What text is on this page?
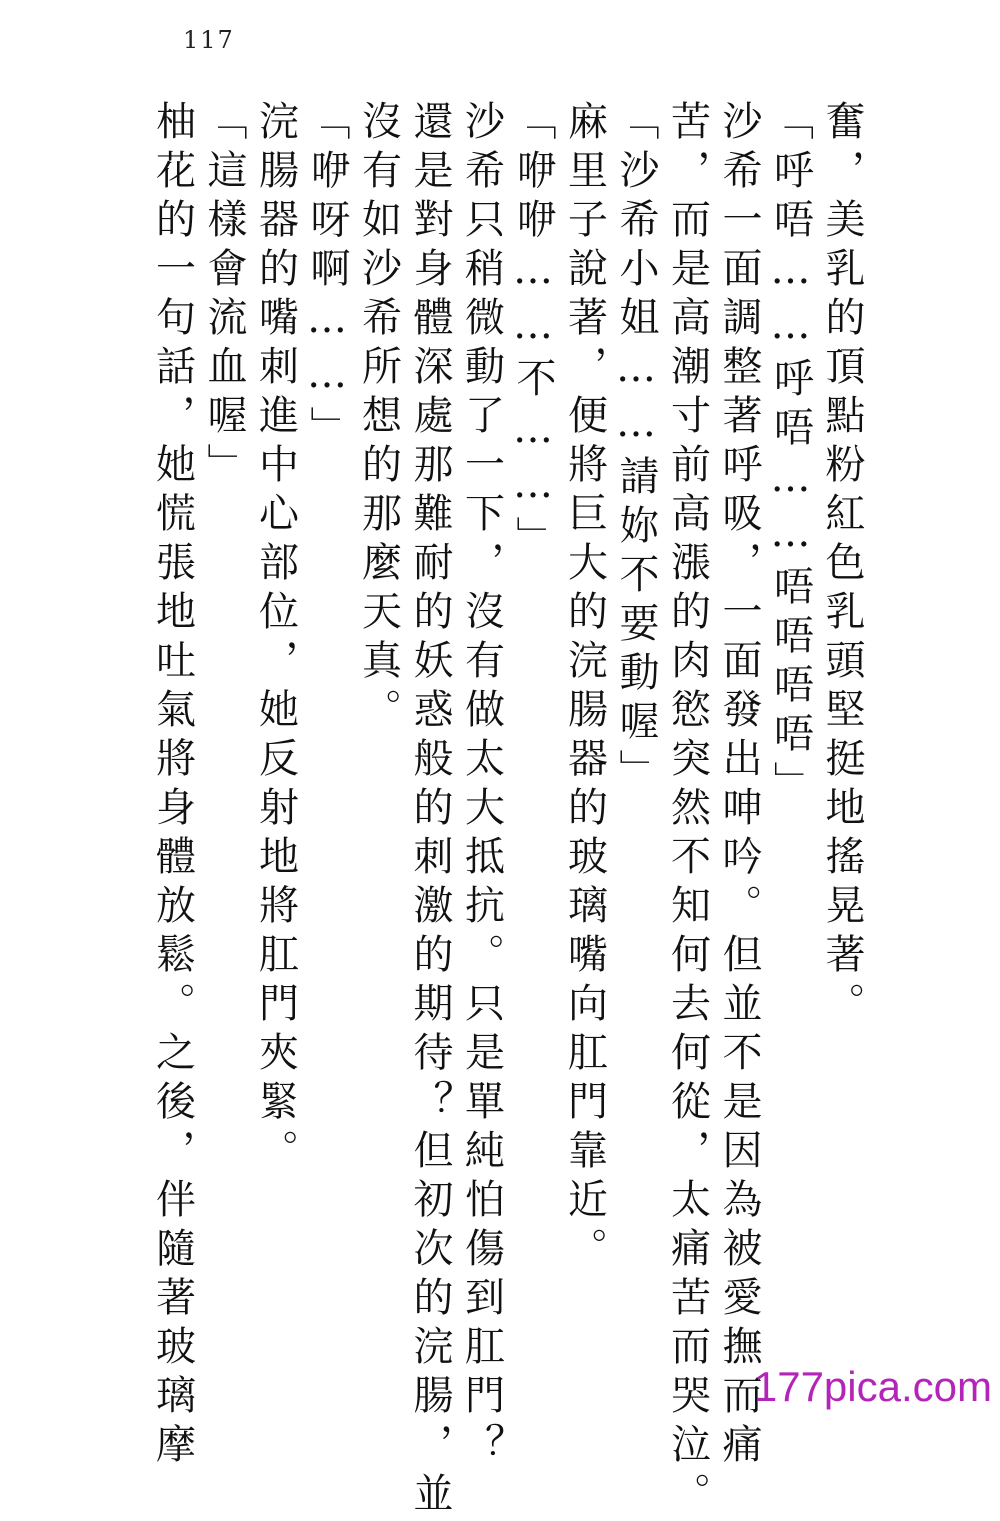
117
奮，美乳的頂點粉紅色乳頭堅挺地搖晃著。
「呼唔……呼唔……唔唔唔唔」
沙希一面調整著呼吸，一面發出呻吟。但並不是因為被愛撫而痛
苦，而是高潮寸前高漲的肉慾突然不知何去何從，太痛苦而哭泣。
「沙希小姐……請妳不要動喔」
麻里子說著，便將巨大的浣腸器的玻璃嘴向肛門靠近。
「咿咿……不……」
沙希只稍微動了一下，沒有做太大抵抗。只是單純怕傷到肛門？
還是對身體深處那難耐的妖惑般的刺激的期待？但初次的浣腸，並
沒有如沙希所想的那麼天真。
「咿呀啊……」
浣腸器的嘴刺進中心部位，她反射地將肛門夾緊。
「這樣會流血喔」
柚花的一句話，她慌張地吐氣將身體放鬆。之後，伴隨著玻璃摩	177pica.com
